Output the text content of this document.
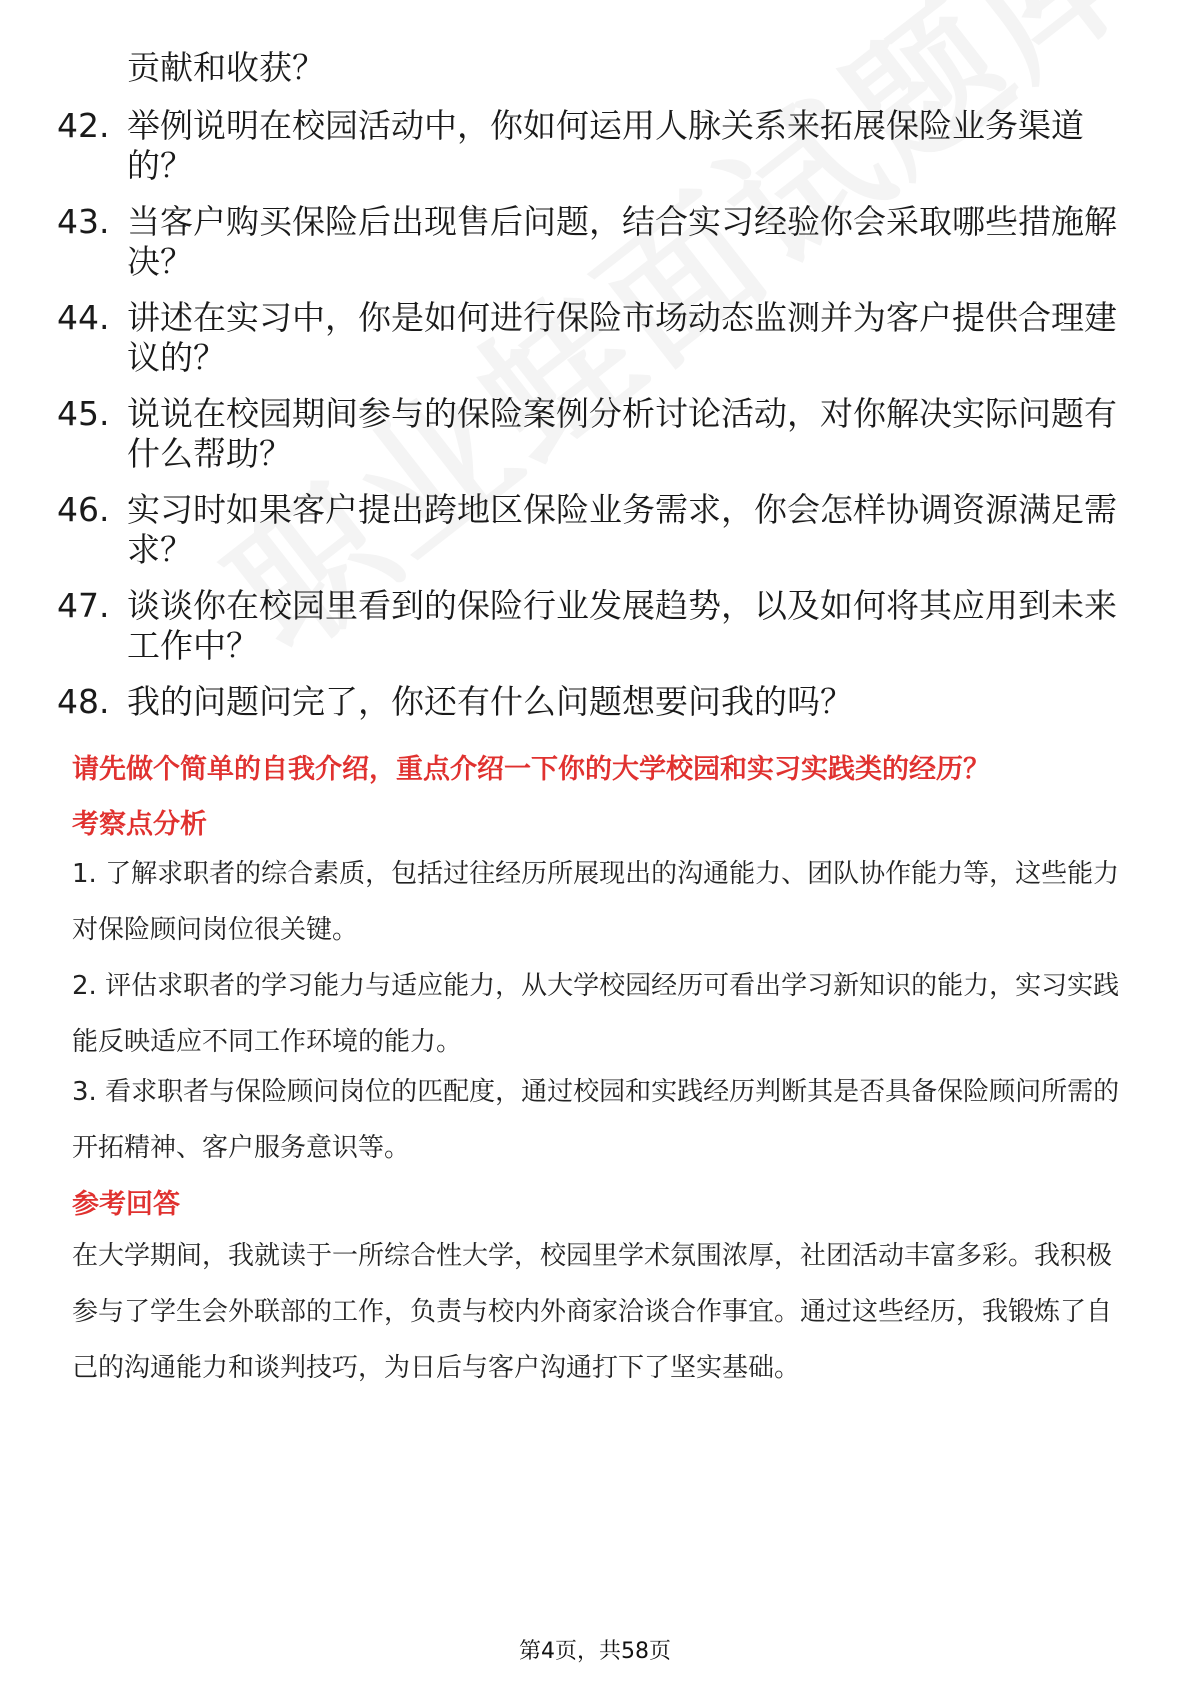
贡献和收获？
42. 举例说明在校园活动中，你如何运用人脉关系来拓展保险业务渠道的？
43. 当客户购买保险后出现售后问题，结合实习经验你会采取哪些措施解决？
44. 讲述在实习中，你是如何进行保险市场动态监测并为客户提供合理建议的？
45. 说说在校园期间参与的保险案例分析讨论活动，对你解决实际问题有什么帮助？
46. 实习时如果客户提出跨地区保险业务需求，你会怎样协调资源满足需求？
47. 谈谈你在校园里看到的保险行业发展趋势，以及如何将其应用到未来工作中？
48. 我的问题问完了，你还有什么问题想要问我的吗？
请先做个简单的自我介绍，重点介绍一下你的大学校园和实习实践类的经历？
考察点分析
1. 了解求职者的综合素质，包括过往经历所展现出的沟通能力、团队协作能力等，这些能力对保险顾问岗位很关键。
2. 评估求职者的学习能力与适应能力，从大学校园经历可看出学习新知识的能力，实习实践能反映适应不同工作环境的能力。
3. 看求职者与保险顾问岗位的匹配度，通过校园和实践经历判断其是否具备保险顾问所需的开拓精神、客户服务意识等。
参考回答
在大学期间，我就读于一所综合性大学，校园里学术氛围浓厚，社团活动丰富多彩。我积极参与了学生会外联部的工作，负责与校内外商家洽谈合作事宜。通过这些经历，我锻炼了自己的沟通能力和谈判技巧，为日后与客户沟通打下了坚实基础。
第4页，共58页
